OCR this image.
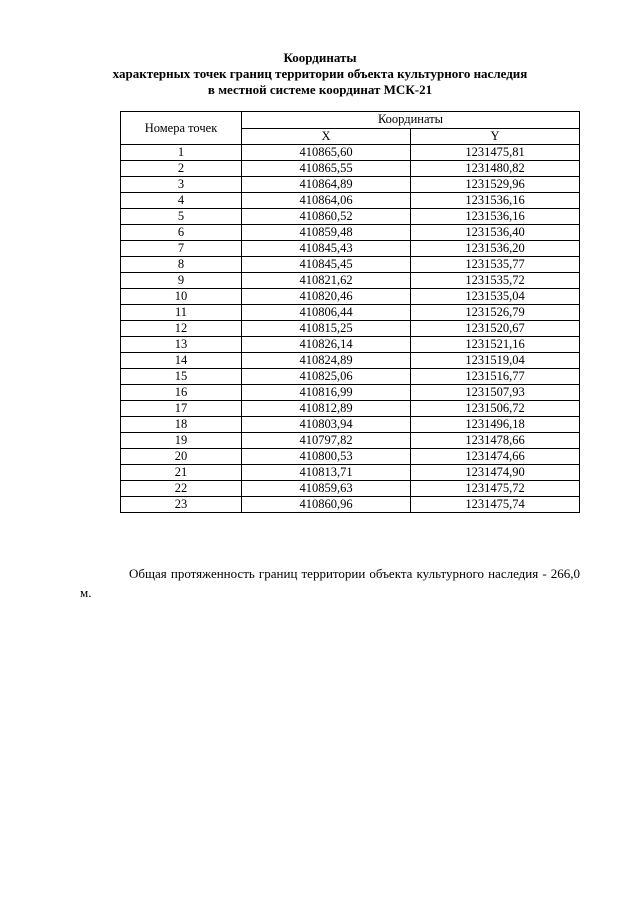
Координаты
характерных точек границ территории объекта культурного наследия
в местной системе координат МСК-21
Номера точек	Координаты	
	X	Y
1	410865,60	1231475,81
2	410865,55	1231480,82
3	410864,89	1231529,96
4	410864,06	1231536,16
5	410860,52	1231536,16
6	410859,48	1231536,40
7	410845,43	1231536,20
8	410845,45	1231535,77
9	410821,62	1231535,72
10	410820,46	1231535,04
11	410806,44	1231526,79
12	410815,25	1231520,67
13	410826,14	1231521,16
14	410824,89	1231519,04
15	410825,06	1231516,77
16	410816,99	1231507,93
17	410812,89	1231506,72
18	410803,94	1231496,18
19	410797,82	1231478,66
20	410800,53	1231474,66
21	410813,71	1231474,90
22	410859,63	1231475,72
23	410860,96	1231475,74

Общая протяженность границ территории объекта культурного наследия - 266,0 м.
